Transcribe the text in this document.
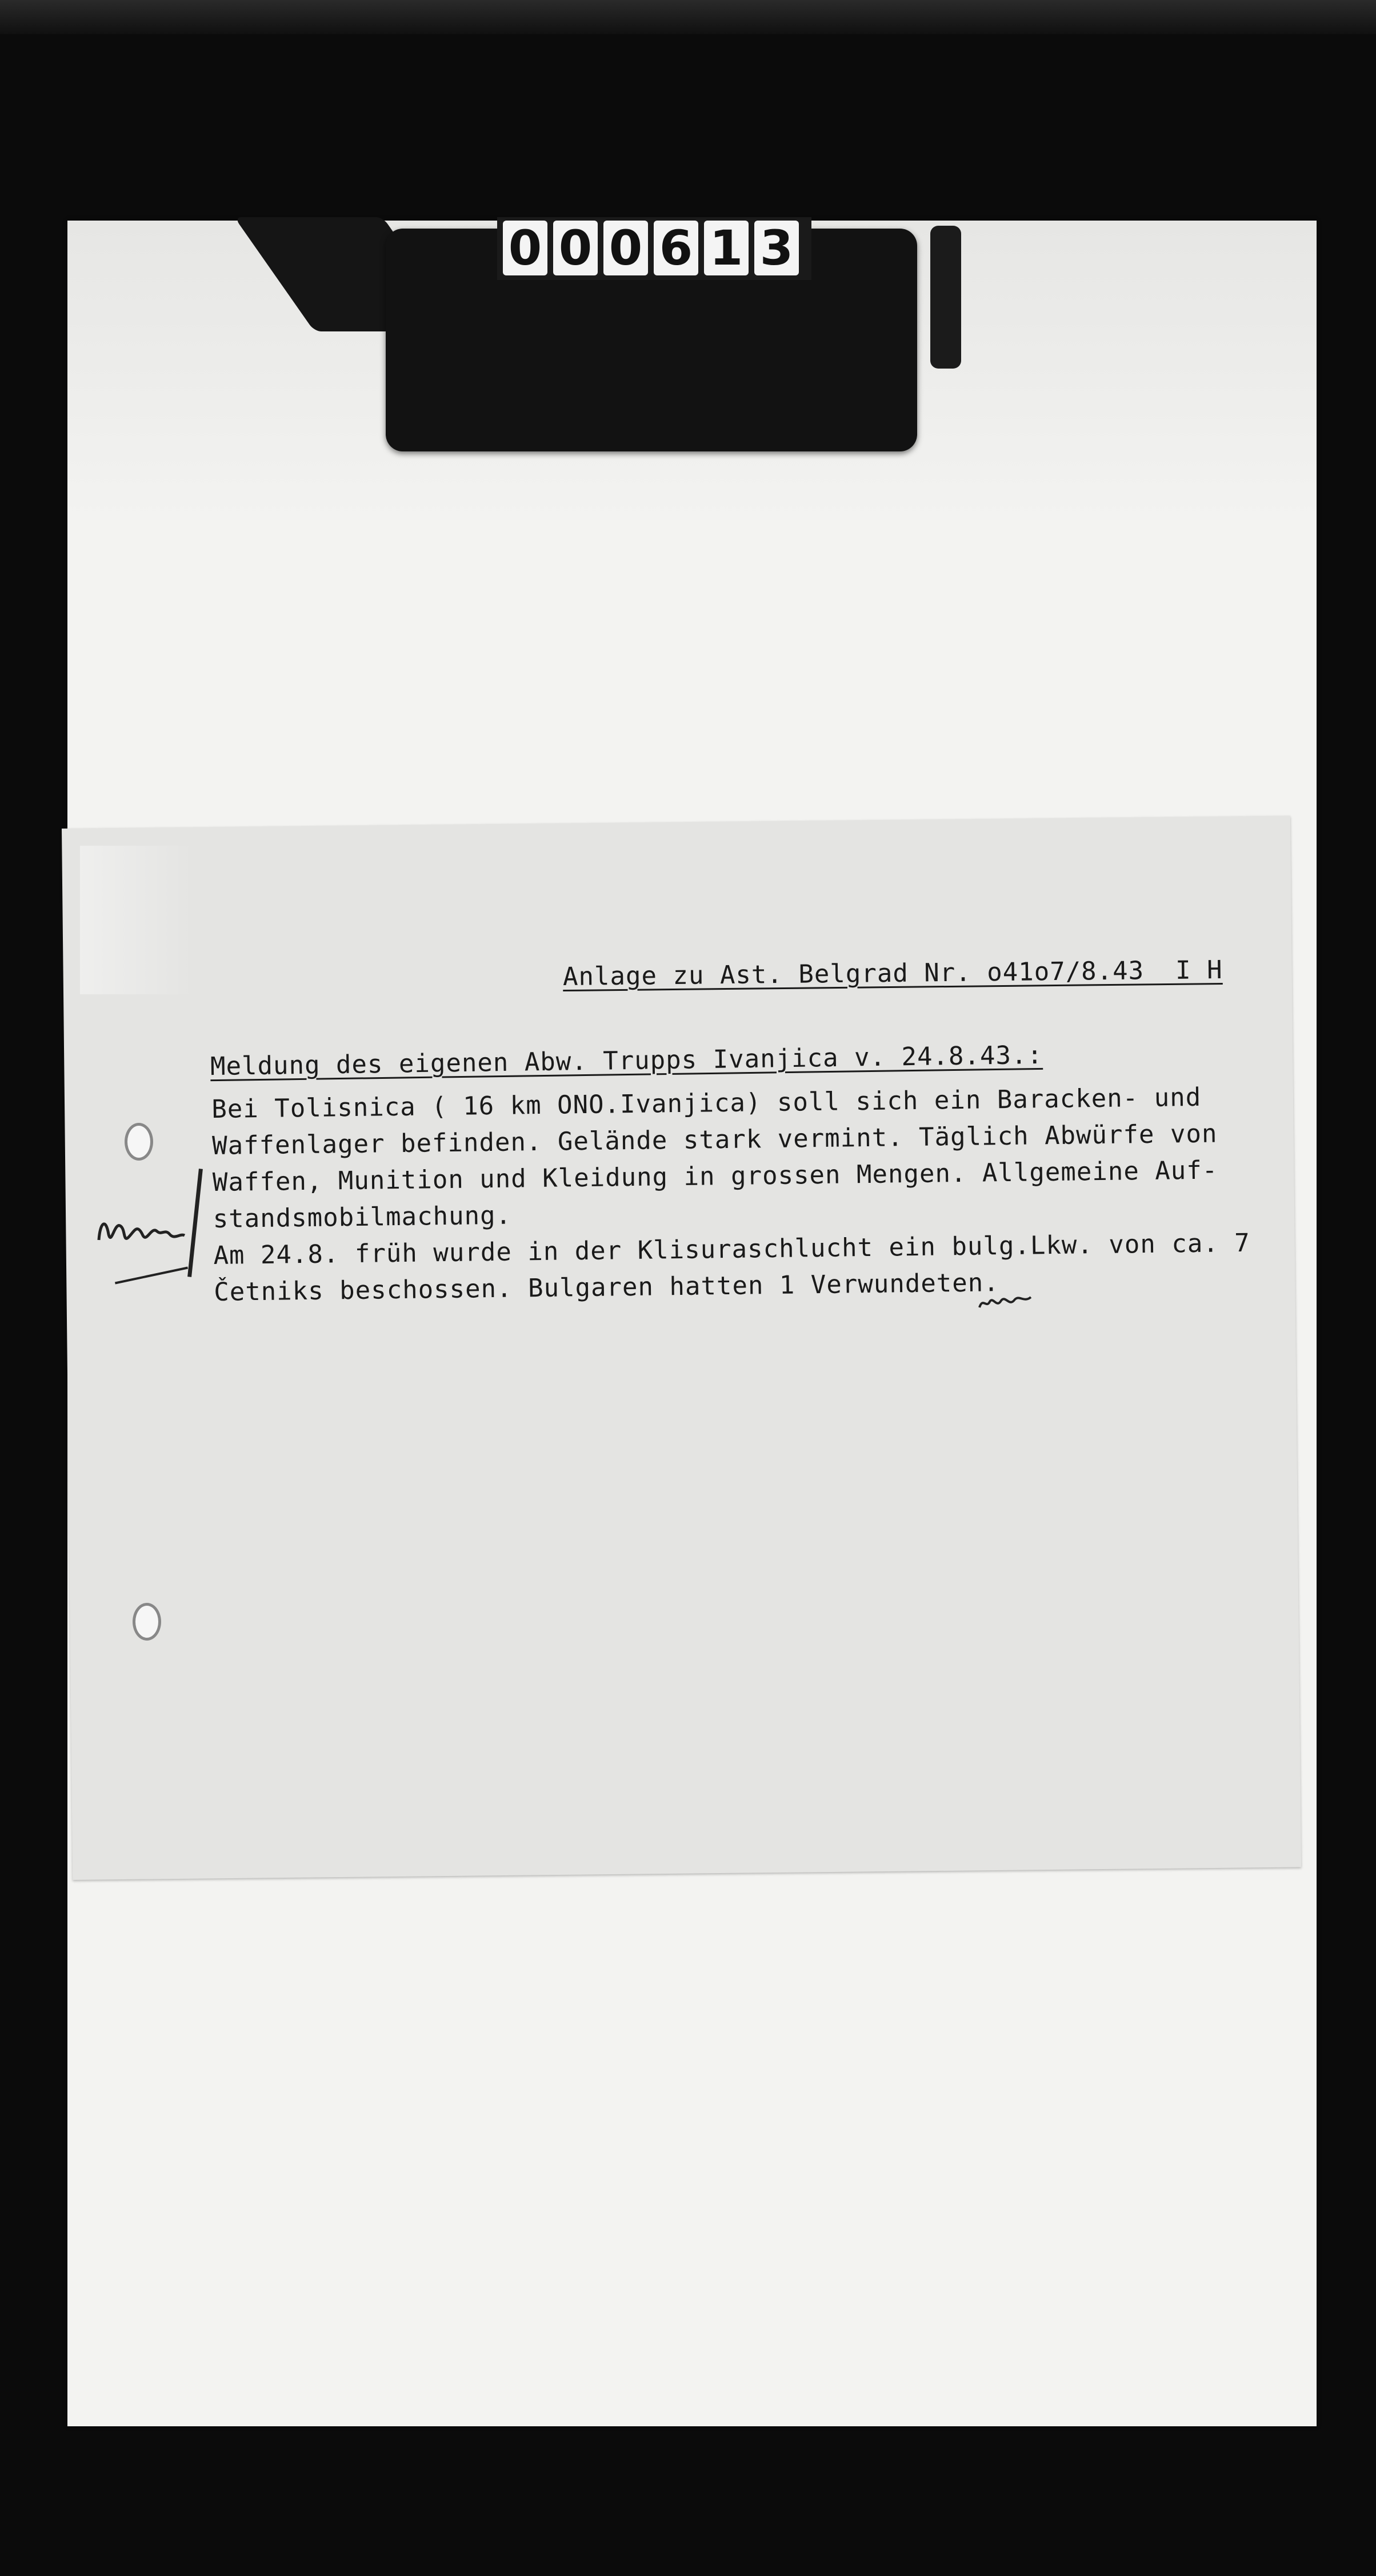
0 0 0 6 1 3
Anlage zu Ast. Belgrad Nr. o41o7/8.43  I H
Meldung des eigenen Abw. Trupps Ivanjica v. 24.8.43.:
Bei Tolisnica ( 16 km ONO.Ivanjica) soll sich ein Baracken- und
Waffenlager befinden. Gelände stark vermint. Täglich Abwürfe von
Waffen, Munition und Kleidung in grossen Mengen. Allgemeine Auf-
standsmobilmachung.
Am 24.8. früh wurde in der Klisuraschlucht ein bulg.Lkw. von ca. 7
Četniks beschossen. Bulgaren hatten 1 Verwundeten.
